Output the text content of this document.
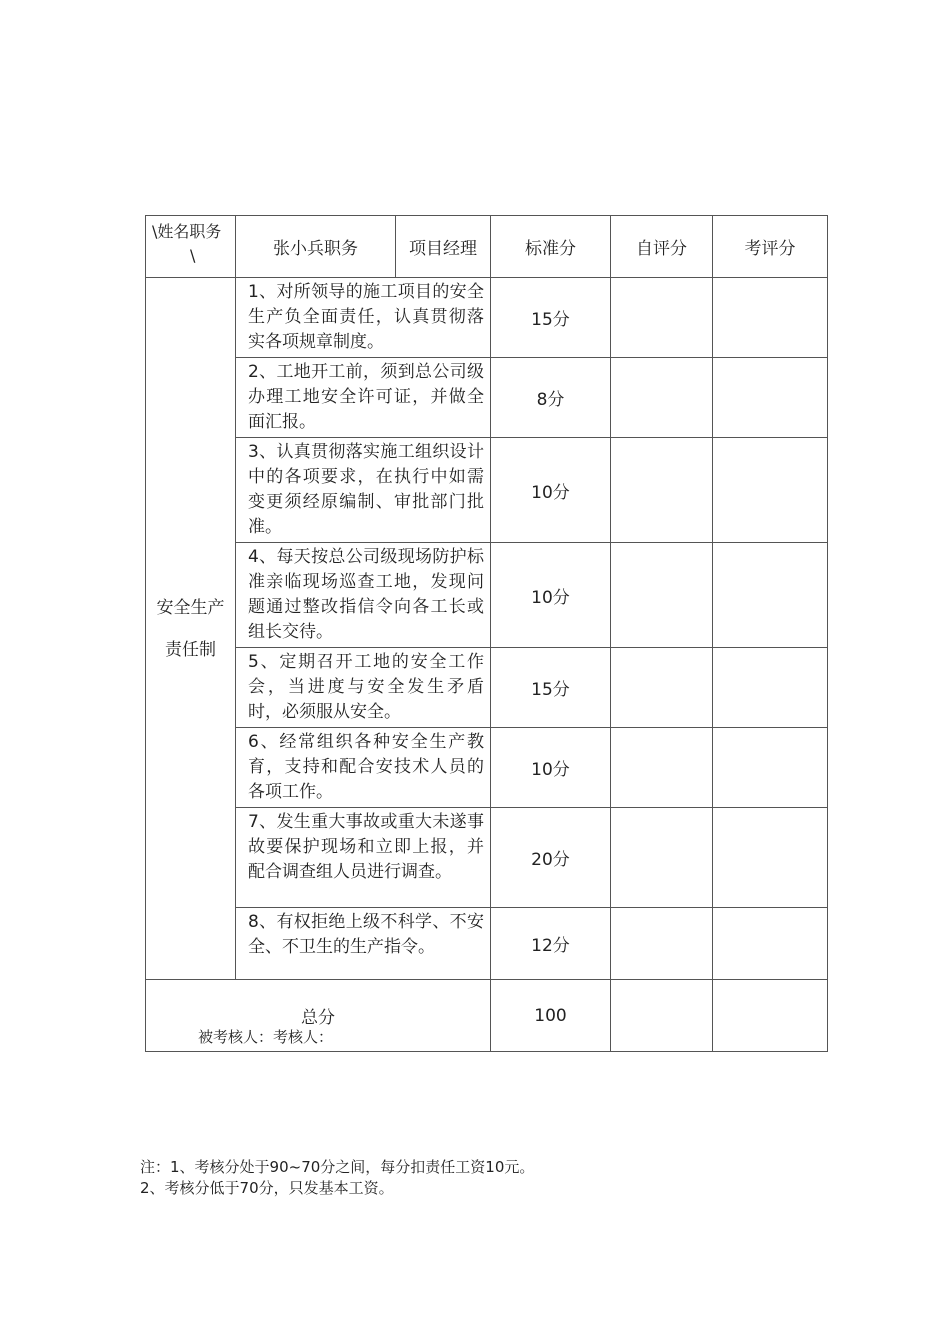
\姓名职务
\	张小兵职务	项目经理	标准分	自评分	考评分

安全生产
责任制	1、对所领导的施工项目的安全生产负全面责任，认真贯彻落实各项规章制度。		15分		
	2、工地开工前，须到总公司级办理工地安全许可证，并做全面汇报。		8分		
	3、认真贯彻落实施工组织设计中的各项要求，在执行中如需变更须经原编制、审批部门批准。		10分		
	4、每天按总公司级现场防护标准亲临现场巡查工地，发现问题通过整改指信令向各工长或组长交待。		10分		
	5、定期召开工地的安全工作会，当进度与安全发生矛盾时，必须服从安全。		15分		
	6、经常组织各种安全生产教育，支持和配合安技术人员的各项工作。		10分		
	7、发生重大事故或重大未遂事故要保护现场和立即上报，并配合调查组人员进行调查。		20分		
	8、有权拒绝上级不科学、不安全、不卫生的生产指令。		12分		
总分			100		
被考核人：考核人：
注：1、考核分处于90~70分之间，每分扣责任工资10元。
2、考核分低于70分，只发基本工资。
